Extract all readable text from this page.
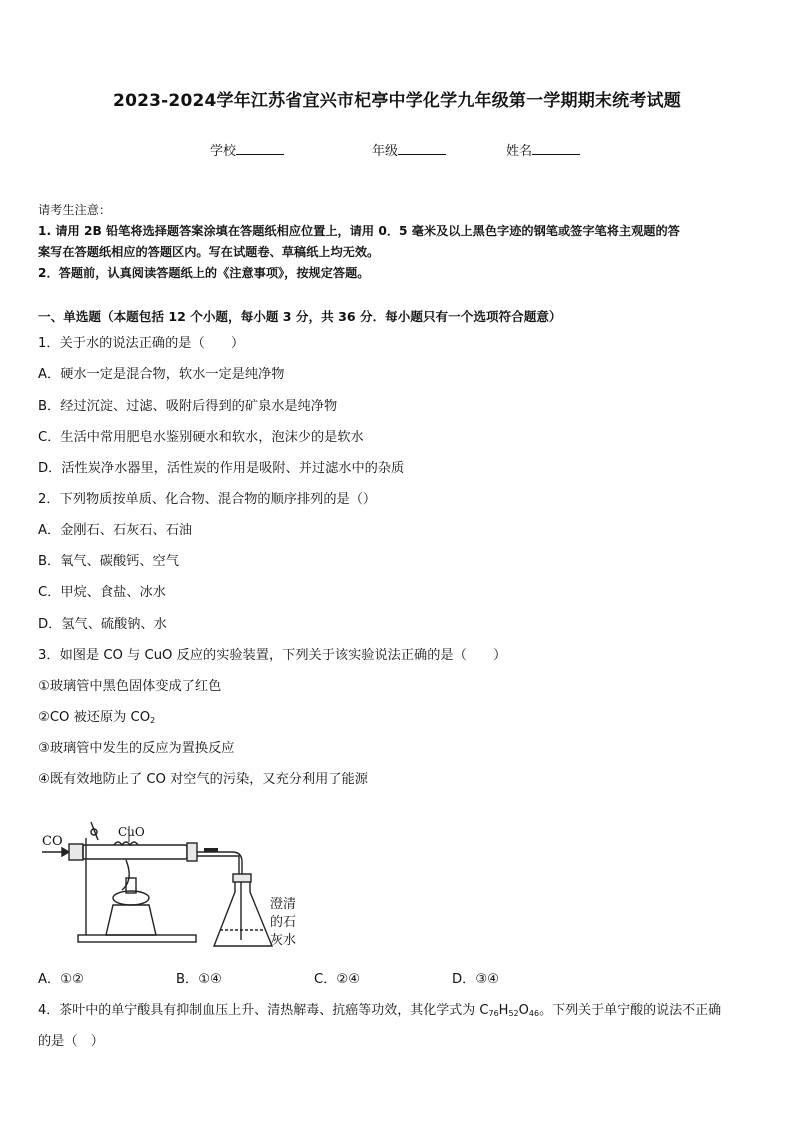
2023-2024学年江苏省宜兴市杞亭中学化学九年级第一学期期末统考试题
学校	年级	姓名
请考生注意：
1. 请用 2B 铅笔将选择题答案涂填在答题纸相应位置上，请用 0．5 毫米及以上黑色字迹的钢笔或签字笔将主观题的答
案写在答题纸相应的答题区内。写在试题卷、草稿纸上均无效。
2．答题前，认真阅读答题纸上的《注意事项》，按规定答题。
一、单选题（本题包括 12 个小题，每小题 3 分，共 36 分．每小题只有一个选项符合题意）
1．关于水的说法正确的是（　　）
A．硬水一定是混合物，软水一定是纯净物
B．经过沉淀、过滤、吸附后得到的矿泉水是纯净物
C．生活中常用肥皂水鉴别硬水和软水，泡沫少的是软水
D．活性炭净水器里，活性炭的作用是吸附、并过滤水中的杂质
2．下列物质按单质、化合物、混合物的顺序排列的是（）
A．金刚石、石灰石、石油
B．氧气、碳酸钙、空气
C．甲烷、食盐、冰水
D．氢气、硫酸钠、水
3．如图是 CO 与 CuO 反应的实验装置，下列关于该实验说法正确的是（　　）
①玻璃管中黑色固体变成了红色
②CO 被还原为 $CO_2$
③玻璃管中发生的反应为置换反应
④既有效地防止了 CO 对空气的污染，又充分利用了能源
CO
CuO
澄清
的石
灰水
A．①②	B．①④	C．②④	D．③④
4．茶叶中的单宁酸具有抑制血压上升、清热解毒、抗癌等功效，其化学式为 $C_{76}H_{52}O_{46}$。下列关于单宁酸的说法不正确
的是（　）
